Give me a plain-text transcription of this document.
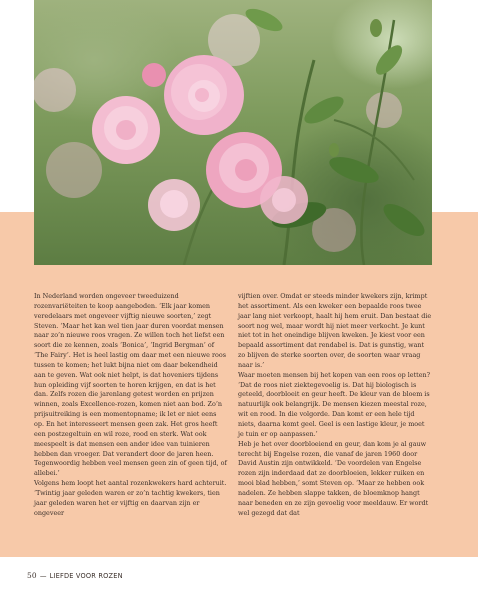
In Nederland worden ongeveer tweeduizend rozenvariëteiten te koop aangeboden. ‘Elk jaar komen veredelaars met ongeveer vijftig nieuwe soorten,’ zegt Steven. ‘Maar het kan wel tien jaar duren voordat mensen naar zo’n nieuwe roos vragen. Ze willen toch het liefst een soort die ze kennen, zoals ‘Bonica’, ‘Ingrid Bergman’ of ‘The Fairy’. Het is heel lastig om daar met een nieuwe roos tussen te komen; het lukt bijna niet om daar bekendheid aan te geven. Wat ook niet helpt, is dat hoveniers tijdens hun opleiding vijf soorten te horen krijgen, en dat is het dan. Zelfs rozen die jarenlang getest worden en prijzen winnen, zoals Excellence-rozen, komen niet aan bod. Zo’n prijsuitreiking is een momentopname; ik let er niet eens op. En het interesseert mensen geen zak. Het gros heeft een postzegeltuin en wil roze, rood en sterk. Wat ook meespeelt is dat mensen een ander idee van tuinieren hebben dan vroeger. Dat verandert door de jaren heen. Tegenwoordig hebben veel mensen geen zin of geen tijd, of allebei.’

Volgens hem loopt het aantal rozenkwekers hard achteruit. ‘Twintig jaar geleden waren er zo’n tachtig kwekers, tien jaar geleden waren het er vijftig en daarvan zijn er ongeveer

vijftien over. Omdat er steeds minder kwekers zijn, krimpt het assortiment. Als een kweker een bepaalde roos twee jaar lang niet verkoopt, haalt hij hem eruit. Dan bestaat die soort nog wel, maar wordt hij niet meer verkocht. Je kunt niet tot in het oneindige blijven kweken. Je kiest voor een bepaald assortiment dat rendabel is. Dat is gunstig, want zo blijven de sterke soorten over, de soorten waar vraag naar is.’

Waar moeten mensen bij het kopen van een roos op letten? ‘Dat de roos niet ziektegevoelig is. Dat hij biologisch is geteeld, doorbloeit en geur heeft. De kleur van de bloem is natuurlijk ook belangrijk. De mensen kiezen meestal roze, wit en rood. In die volgorde. Dan komt er een hele tijd niets, daarna komt geel. Geel is een lastige kleur, je moet je tuin er op aanpassen.’

Heb je het over doorbloeiend en geur, dan kom je al gauw terecht bij Engelse rozen, die vanaf de jaren 1960 door David Austin zijn ontwikkeld. ‘De voordelen van Engelse rozen zijn inderdaad dat ze doorbloeien, lekker ruiken en mooi blad hebben,’ somt Steven op. ‘Maar ze hebben ook nadelen. Ze hebben slappe takken, de bloemknop hangt naar beneden en ze zijn gevoelig voor meeldauw. Er wordt wel gezegd dat dat

50 — LIEFDE VOOR ROZEN
